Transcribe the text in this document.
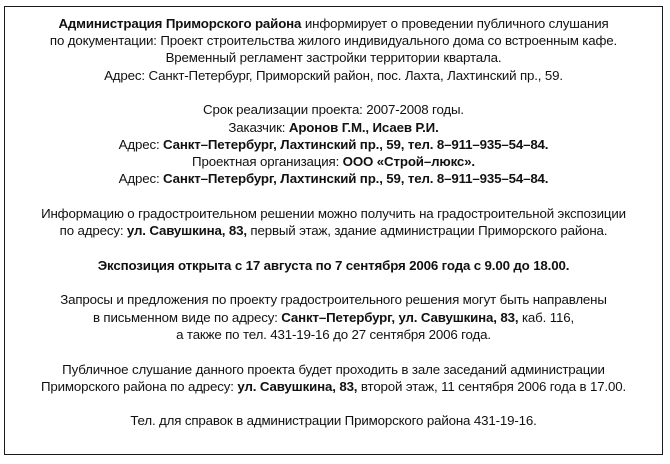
Администрация Приморского района информирует о проведении публичного слушания
по документации: Проект строительства жилого индивидуального дома со встроенным кафе.
Временный регламент застройки территории квартала.
Адрес: Санкт-Петербург, Приморский район, пос. Лахта, Лахтинский пр., 59.
Срок реализации проекта: 2007-2008 годы.
Заказчик: Аронов Г.М., Исаев Р.И.
Адрес: Санкт–Петербург, Лахтинский пр., 59, тел. 8–911–935–54–84.
Проектная организация: ООО «Строй–люкс».
Адрес: Санкт–Петербург, Лахтинский пр., 59, тел. 8–911–935–54–84.
Информацию о градостроительном решении можно получить на градостроительной экспозиции
по адресу: ул. Савушкина, 83, первый этаж, здание администрации Приморского района.
Экспозиция открыта с 17 августа по 7 сентября 2006 года с 9.00 до 18.00.
Запросы и предложения по проекту градостроительного решения могут быть направлены
в письменном виде по адресу: Санкт–Петербург, ул. Савушкина, 83, каб. 116,
а также по тел. 431-19-16 до 27 сентября 2006 года.
Публичное слушание данного проекта будет проходить в зале заседаний администрации
Приморского района по адресу: ул. Савушкина, 83, второй этаж, 11 сентября 2006 года в 17.00.
Тел. для справок в администрации Приморского района 431-19-16.
